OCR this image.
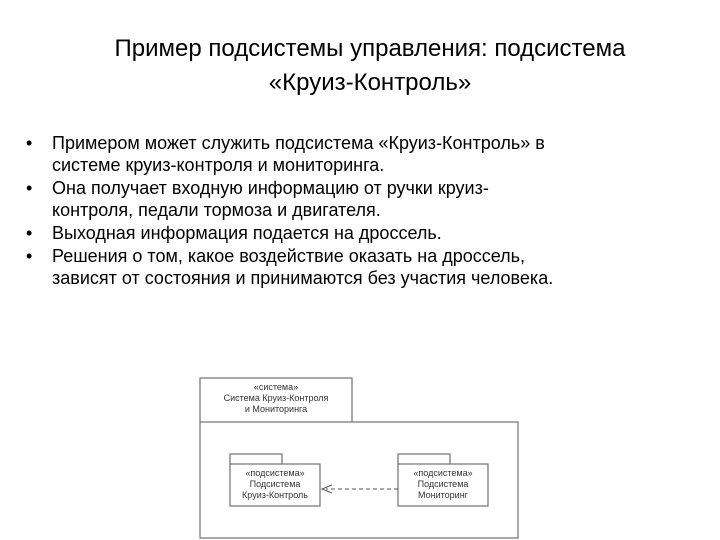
Пример подсистемы управления: подсистема
«Круиз-Контроль»
• Примером может служить подсистема «Круиз-Контроль» в
системе круиз-контроля и мониторинга.
• Она получает входную информацию от ручки круиз-
контроля, педали тормоза и двигателя.
• Выходная информация подается на дроссель.
• Решения о том, какое воздействие оказать на дроссель,
зависят от состояния и принимаются без участия человека.
«система»
Система Круиз-Контроля
и Мониторинга
«подсистема»
Подсистема
Круиз-Контроль
«подсистема»
Подсистема
Мониторинг
